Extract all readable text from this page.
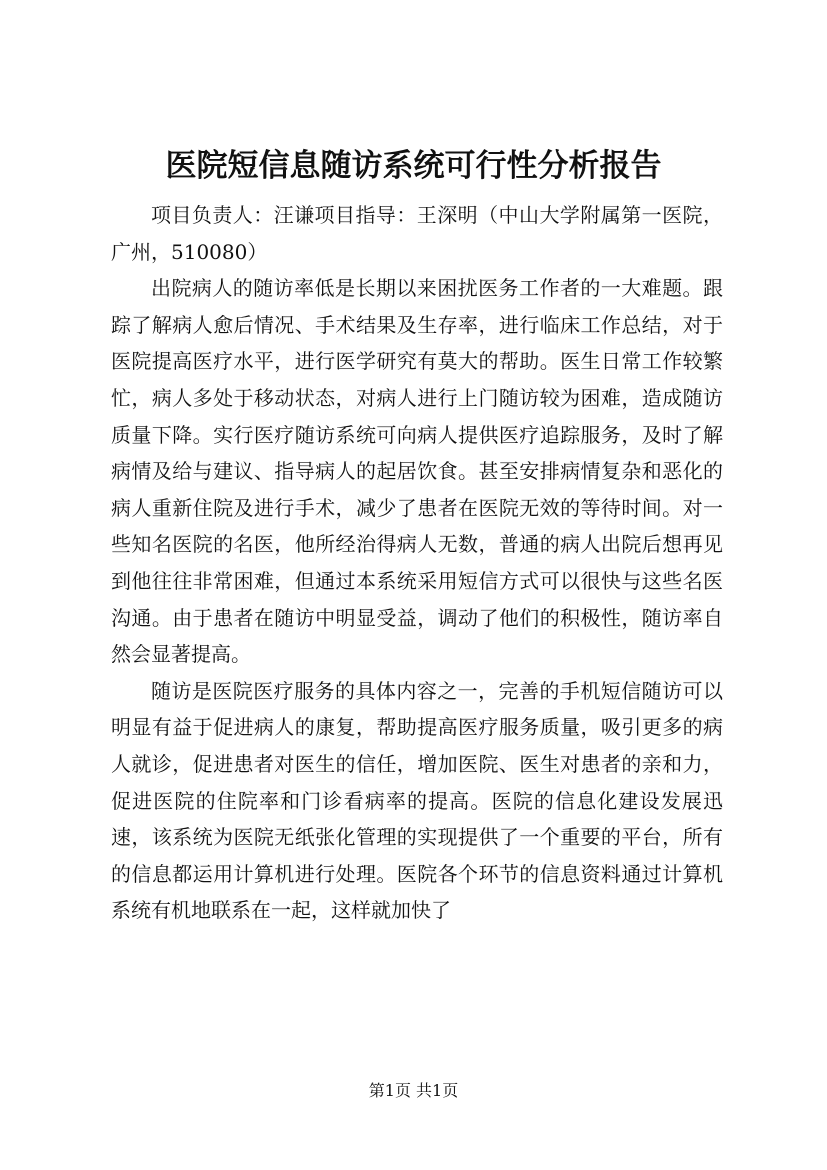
医院短信息随访系统可行性分析报告

项目负责人：汪谦项目指导：王深明（中山大学附属第一医院，广州，510080）

出院病人的随访率低是长期以来困扰医务工作者的一大难题。跟踪了解病人愈后情况、手术结果及生存率，进行临床工作总结，对于医院提高医疗水平，进行医学研究有莫大的帮助。医生日常工作较繁忙，病人多处于移动状态，对病人进行上门随访较为困难，造成随访质量下降。实行医疗随访系统可向病人提供医疗追踪服务，及时了解病情及给与建议、指导病人的起居饮食。甚至安排病情复杂和恶化的病人重新住院及进行手术，减少了患者在医院无效的等待时间。对一些知名医院的名医，他所经治得病人无数，普通的病人出院后想再见到他往往非常困难，但通过本系统采用短信方式可以很快与这些名医沟通。由于患者在随访中明显受益，调动了他们的积极性，随访率自然会显著提高。

随访是医院医疗服务的具体内容之一，完善的手机短信随访可以明显有益于促进病人的康复，帮助提高医疗服务质量，吸引更多的病人就诊，促进患者对医生的信任，增加医院、医生对患者的亲和力，促进医院的住院率和门诊看病率的提高。医院的信息化建设发展迅速，该系统为医院无纸张化管理的实现提供了一个重要的平台，所有的信息都运用计算机进行处理。医院各个环节的信息资料通过计算机系统有机地联系在一起，这样就加快了

第1页 共1页
